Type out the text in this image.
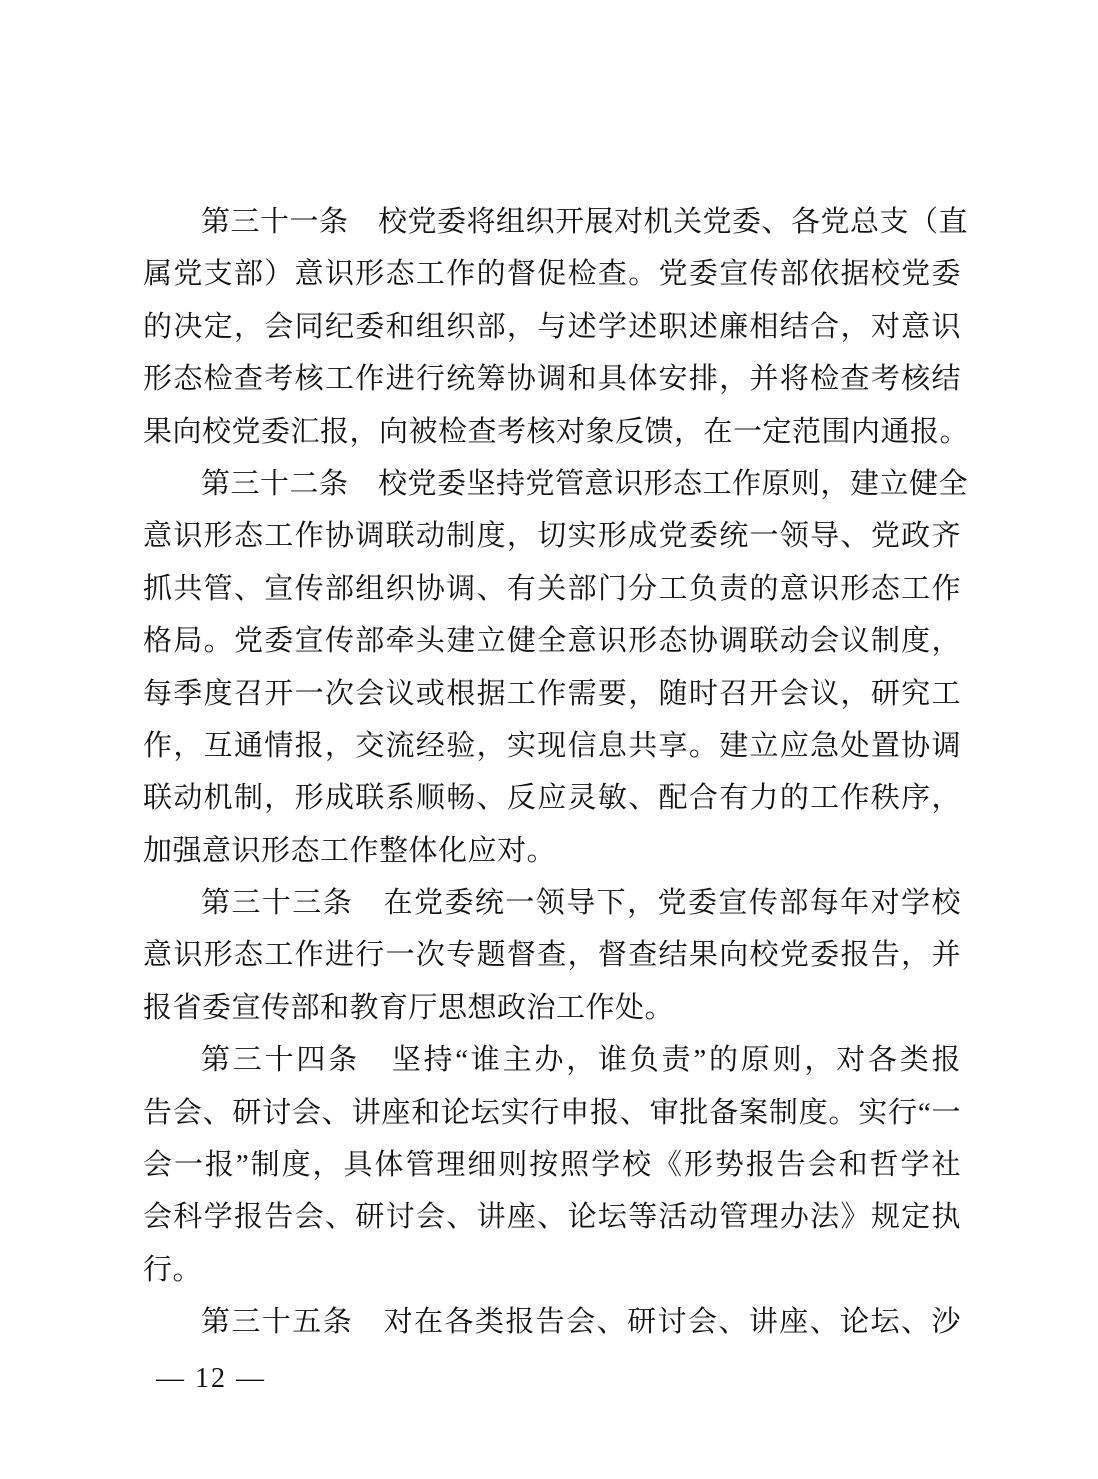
第三十一条　校党委将组织开展对机关党委、各党总支（直
属党支部）意识形态工作的督促检查。党委宣传部依据校党委
的决定，会同纪委和组织部，与述学述职述廉相结合，对意识
形态检查考核工作进行统筹协调和具体安排，并将检查考核结
果向校党委汇报，向被检查考核对象反馈，在一定范围内通报。

第三十二条　校党委坚持党管意识形态工作原则，建立健全
意识形态工作协调联动制度，切实形成党委统一领导、党政齐
抓共管、宣传部组织协调、有关部门分工负责的意识形态工作
格局。党委宣传部牵头建立健全意识形态协调联动会议制度，
每季度召开一次会议或根据工作需要，随时召开会议，研究工
作，互通情报，交流经验，实现信息共享。建立应急处置协调
联动机制，形成联系顺畅、反应灵敏、配合有力的工作秩序，
加强意识形态工作整体化应对。

第三十三条　在党委统一领导下，党委宣传部每年对学校
意识形态工作进行一次专题督查，督查结果向校党委报告，并
报省委宣传部和教育厅思想政治工作处。

第三十四条　坚持“谁主办，谁负责”的原则，对各类报
告会、研讨会、讲座和论坛实行申报、审批备案制度。实行“一
会一报”制度，具体管理细则按照学校《形势报告会和哲学社
会科学报告会、研讨会、讲座、论坛等活动管理办法》规定执
行。

第三十五条　对在各类报告会、研讨会、讲座、论坛、沙

— 12 —
